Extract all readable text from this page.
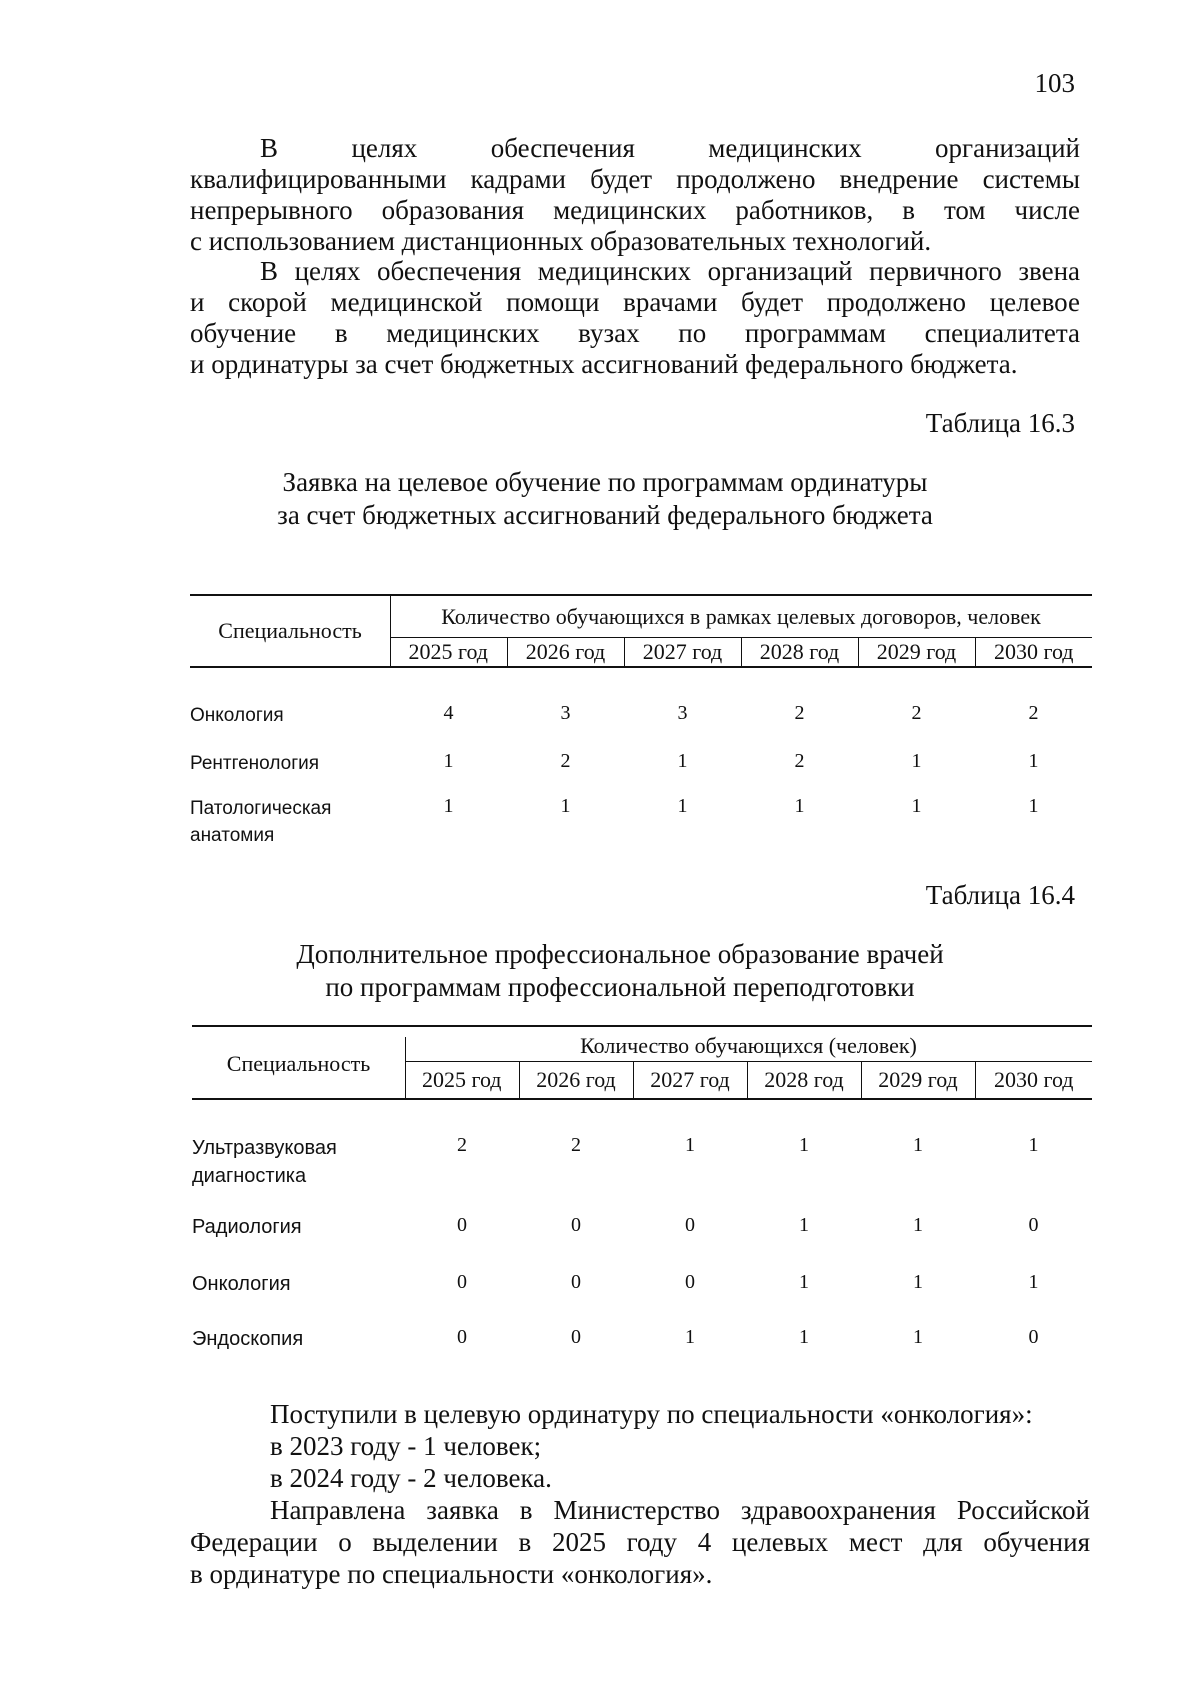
103

В целях обеспечения медицинских организаций
квалифицированными кадрами будет продолжено внедрение системы
непрерывного образования медицинских работников, в том числе
с использованием дистанционных образовательных технологий.

В целях обеспечения медицинских организаций первичного звена
и скорой медицинской помощи врачами будет продолжено целевое
обучение в медицинских вузах по программам специалитета
и ординатуры за счет бюджетных ассигнований федерального бюджета.

Таблица 16.3
Заявка на целевое обучение по программам ординатуры
за счет бюджетных ассигнований федерального бюджета
Специальность	Количество обучающихся в рамках целевых договоров, человек					
	2025 год	2026 год	2027 год	2028 год	2029 год	2030 год

Онкология	4	3	3	2	2	2
Рентгенология	1	2	1	2	1	1

Патологическая
анатомия	1	1	1	1	1	1
Таблица 16.4
Дополнительное профессиональное образование врачей
по программам профессиональной переподготовки
Специальность	Количество обучающихся (человек)					
	2025 год	2026 год	2027 год	2028 год	2029 год	2030 год

Ультразвуковая
диагностика	2	2	1	1	1	1
Радиология	0	0	0	1	1	0
Онкология	0	0	0	1	1	1
Эндоскопия	0	0	1	1	1	0
Поступили в целевую ординатуру по специальности «онкология»:
в 2023 году - 1 человек;
в 2024 году - 2 человека.
Направлена заявка в Министерство здравоохранения Российской
Федерации о выделении в 2025 году 4 целевых мест для обучения
в ординатуре по специальности «онкология».
